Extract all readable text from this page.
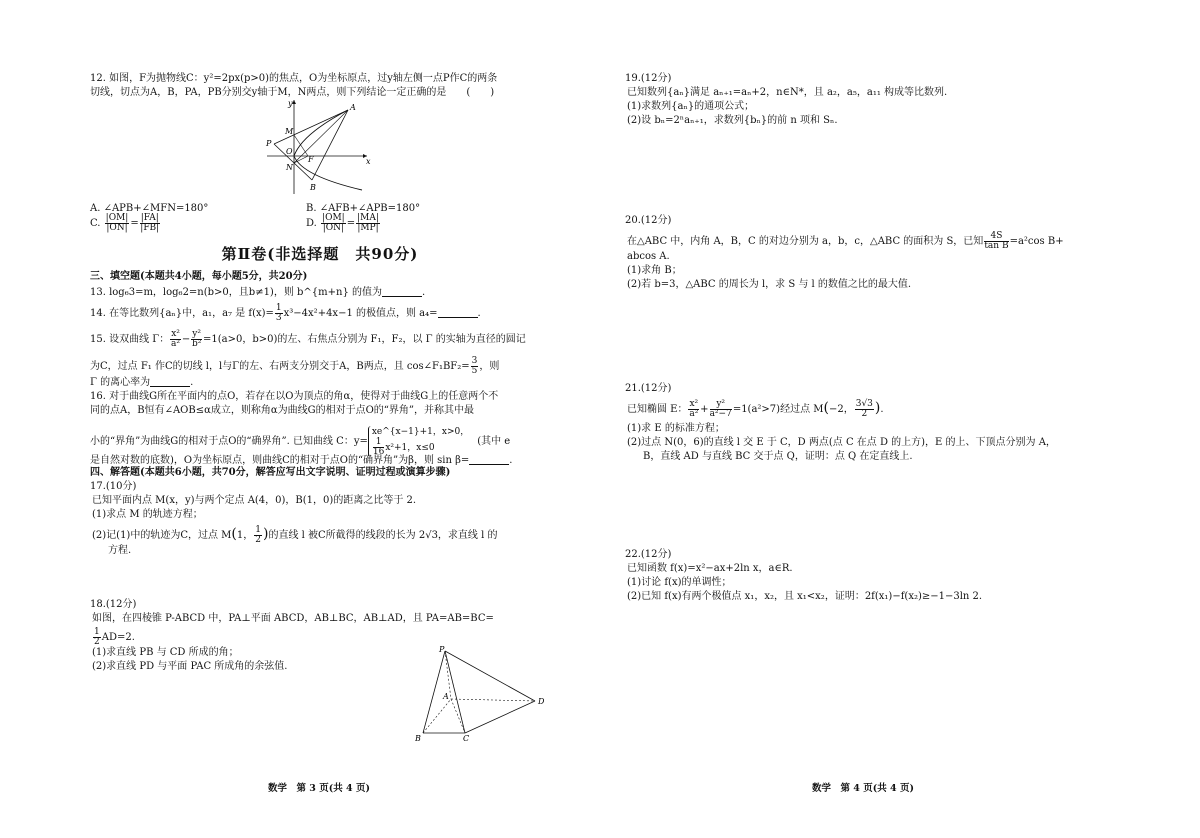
12. 如图，F为抛物线C：y²=2px(p>0)的焦点，O为坐标原点，过y轴左侧一点P作C的两条
切线，切点为A，B，PA，PB分别交y轴于M，N两点，则下列结论一定正确的是　　(　　)
y	A
M
P
O
F	x
N
B
A. ∠APB+∠MFN=180°	B. ∠AFB+∠APB=180°
C. $\frac{|OM|}{|ON|} = \frac{|FA|}{|FB|}$	D. $\frac{|OM|}{|ON|} = \frac{|MA|}{|MP|}$
第Ⅱ卷(非选择题　共90分)
三、填空题(本题共4小题，每小题5分，共20分)
13. log₆3=m，log₆2=n(b>0，且b≠1)，则 b^{m+n} 的值为	.
14. 在等比数列{aₙ}中，a₁，a₇ 是 $f(x)= \frac{1}{3} x^3-4x^2+4x-1$ 的极值点，则 a₄=	.
15. 设双曲线 Γ： $\frac{\text{x²}}{\text{a²}} - \frac{\text{y²}}{\text{b²}} =1(a>0$，b>0)的左、右焦点分别为 F₁，F₂，以 Γ 的实轴为直径的圆记
为C，过点 F₁ 作C的切线 l，l与Γ的左、右两支分别交于A，B两点，且 cos∠F₁BF₂= $\frac{3}{5}$ ，则
Γ 的离心率为	.
16. 对于曲线G所在平面内的点O，若存在以O为顶点的角α，使得对于曲线G上的任意两个不
同的点A，B恒有∠AOB≤α成立，则称角α为曲线G的相对于点O的“界角”，并称其中最
小的“界角”为曲线G的相对于点O的“确界角”. 已知曲线 C：y=
xe^{x−1}+1，x>0，
$\frac{1}{16} x^2+1$，x≤0
(其中 e
是自然对数的底数)，O为坐标原点，则曲线C的相对于点O的“确界角”为β，则 sin β=	.
四、解答题(本题共6小题，共70分，解答应写出文字说明、证明过程或演算步骤)
17.(10分)
已知平面内点 M(x，y)与两个定点 A(4，0)，B(1，0)的距离之比等于 2.
(1)求点 M 的轨迹方程；
(2)记(1)中的轨迹为C，过点 M(1， $\frac{1}{2}$ )的直线 l 被C所截得的线段的长为 2√3，求直线 l 的
方程.
18.(12分)
如图，在四棱锥 P-ABCD 中，PA⊥平面 ABCD，AB⊥BC，AB⊥AD，且 PA=AB=BC=
$\frac{1}{2} AD=2$.
(1)求直线 PB 与 CD 所成的角；
(2)求直线 PD 与平面 PAC 所成角的余弦值.
P
A
B	C
D
数学　第 3 页(共 4 页)
19.(12分)
已知数列{aₙ}满足 aₙ₊₁=aₙ+2，n∈N*，且 a₂，a₅，a₁₁ 构成等比数列.
(1)求数列{aₙ}的通项公式；
(2)设 bₙ=2ⁿaₙ₊₁，求数列{bₙ}的前 n 项和 Sₙ.
20.(12分)
在△ABC 中，内角 A，B，C 的对边分别为 a，b，c，△ABC 的面积为 S，已知 $\frac{4S}{\text{tan B}} =a^2\cos$ B+
abcos A.
(1)求角 B；
(2)若 b=3，△ABC 的周长为 l，求 S 与 l 的数值之比的最大值.
21.(12分)
已知椭圆 E： $\frac{\text{x²}}{\text{a²}} + \frac{\text{y²}}{\text{a²−7}} =1(a^2>7)$经过点 M(−2， $\frac{3√3}{2}$ ).
(1)求 E 的标准方程；
(2)过点 N(0，6)的直线 l 交 E 于 C，D 两点(点 C 在点 D 的上方)，E 的上、下顶点分别为 A，
B，直线 AD 与直线 BC 交于点 Q，证明：点 Q 在定直线上.
22.(12分)
已知函数 f(x)=x²−ax+2ln x，a∈R.
(1)讨论 f(x)的单调性；
(2)已知 f(x)有两个极值点 x₁，x₂，且 x₁<x₂，证明：2f(x₁)−f(x₂)≥−1−3ln 2.
数学　第 4 页(共 4 页)
